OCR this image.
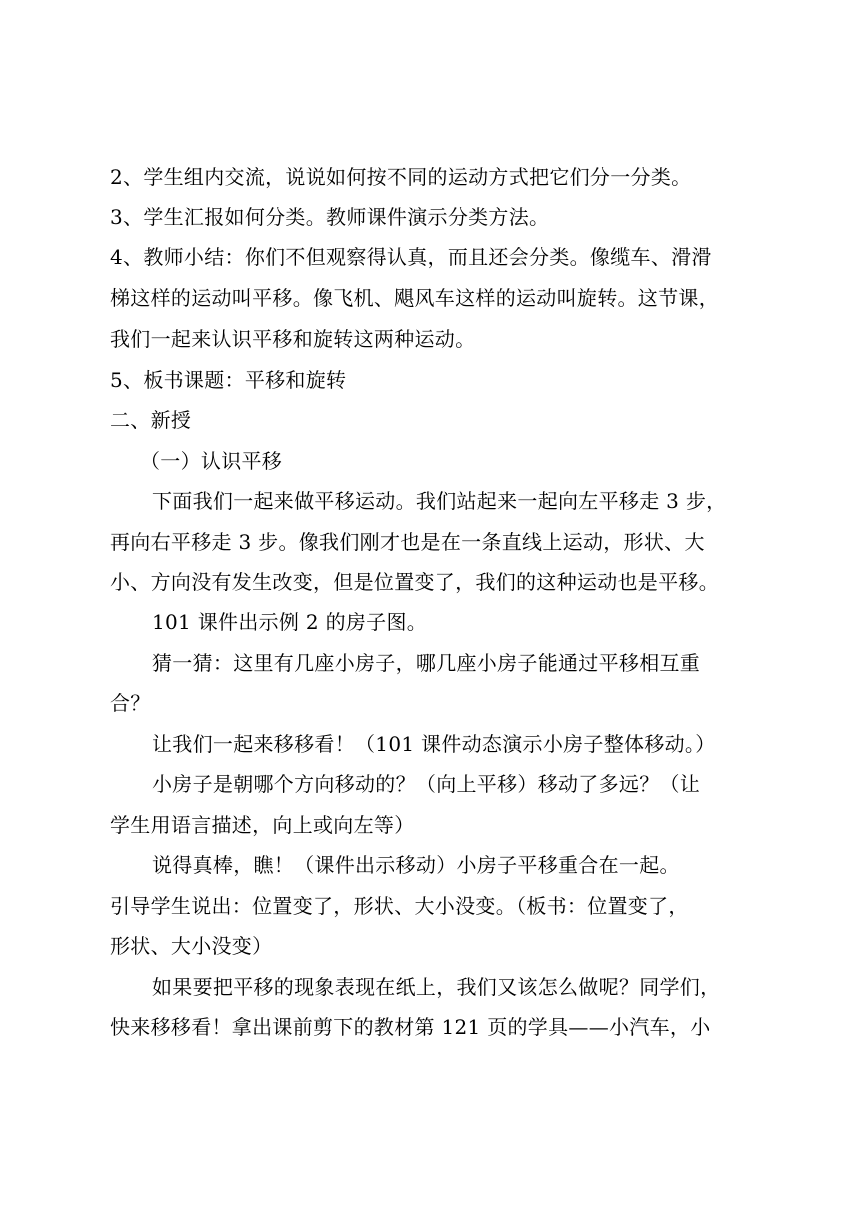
2、学生组内交流，说说如何按不同的运动方式把它们分一分类。
3、学生汇报如何分类。教师课件演示分类方法。
4、教师小结：你们不但观察得认真，而且还会分类。像缆车、滑滑
梯这样的运动叫平移。像飞机、飓风车这样的运动叫旋转。这节课，
我们一起来认识平移和旋转这两种运动。
5、板书课题：平移和旋转
二、新授
（一）认识平移
下面我们一起来做平移运动。我们站起来一起向左平移走 3 步，
再向右平移走 3 步。像我们刚才也是在一条直线上运动，形状、大
小、方向没有发生改变，但是位置变了，我们的这种运动也是平移。
101 课件出示例 2 的房子图。
猜一猜：这里有几座小房子，哪几座小房子能通过平移相互重
合？
让我们一起来移移看！（101 课件动态演示小房子整体移动。）
小房子是朝哪个方向移动的？（向上平移）移动了多远？（让
学生用语言描述，向上或向左等）
说得真棒，瞧！（课件出示移动）小房子平移重合在一起。
引导学生说出：位置变了，形状、大小没变。（板书：位置变了，
形状、大小没变）
如果要把平移的现象表现在纸上，我们又该怎么做呢？同学们，
快来移移看！拿出课前剪下的教材第 121 页的学具——小汽车，小
